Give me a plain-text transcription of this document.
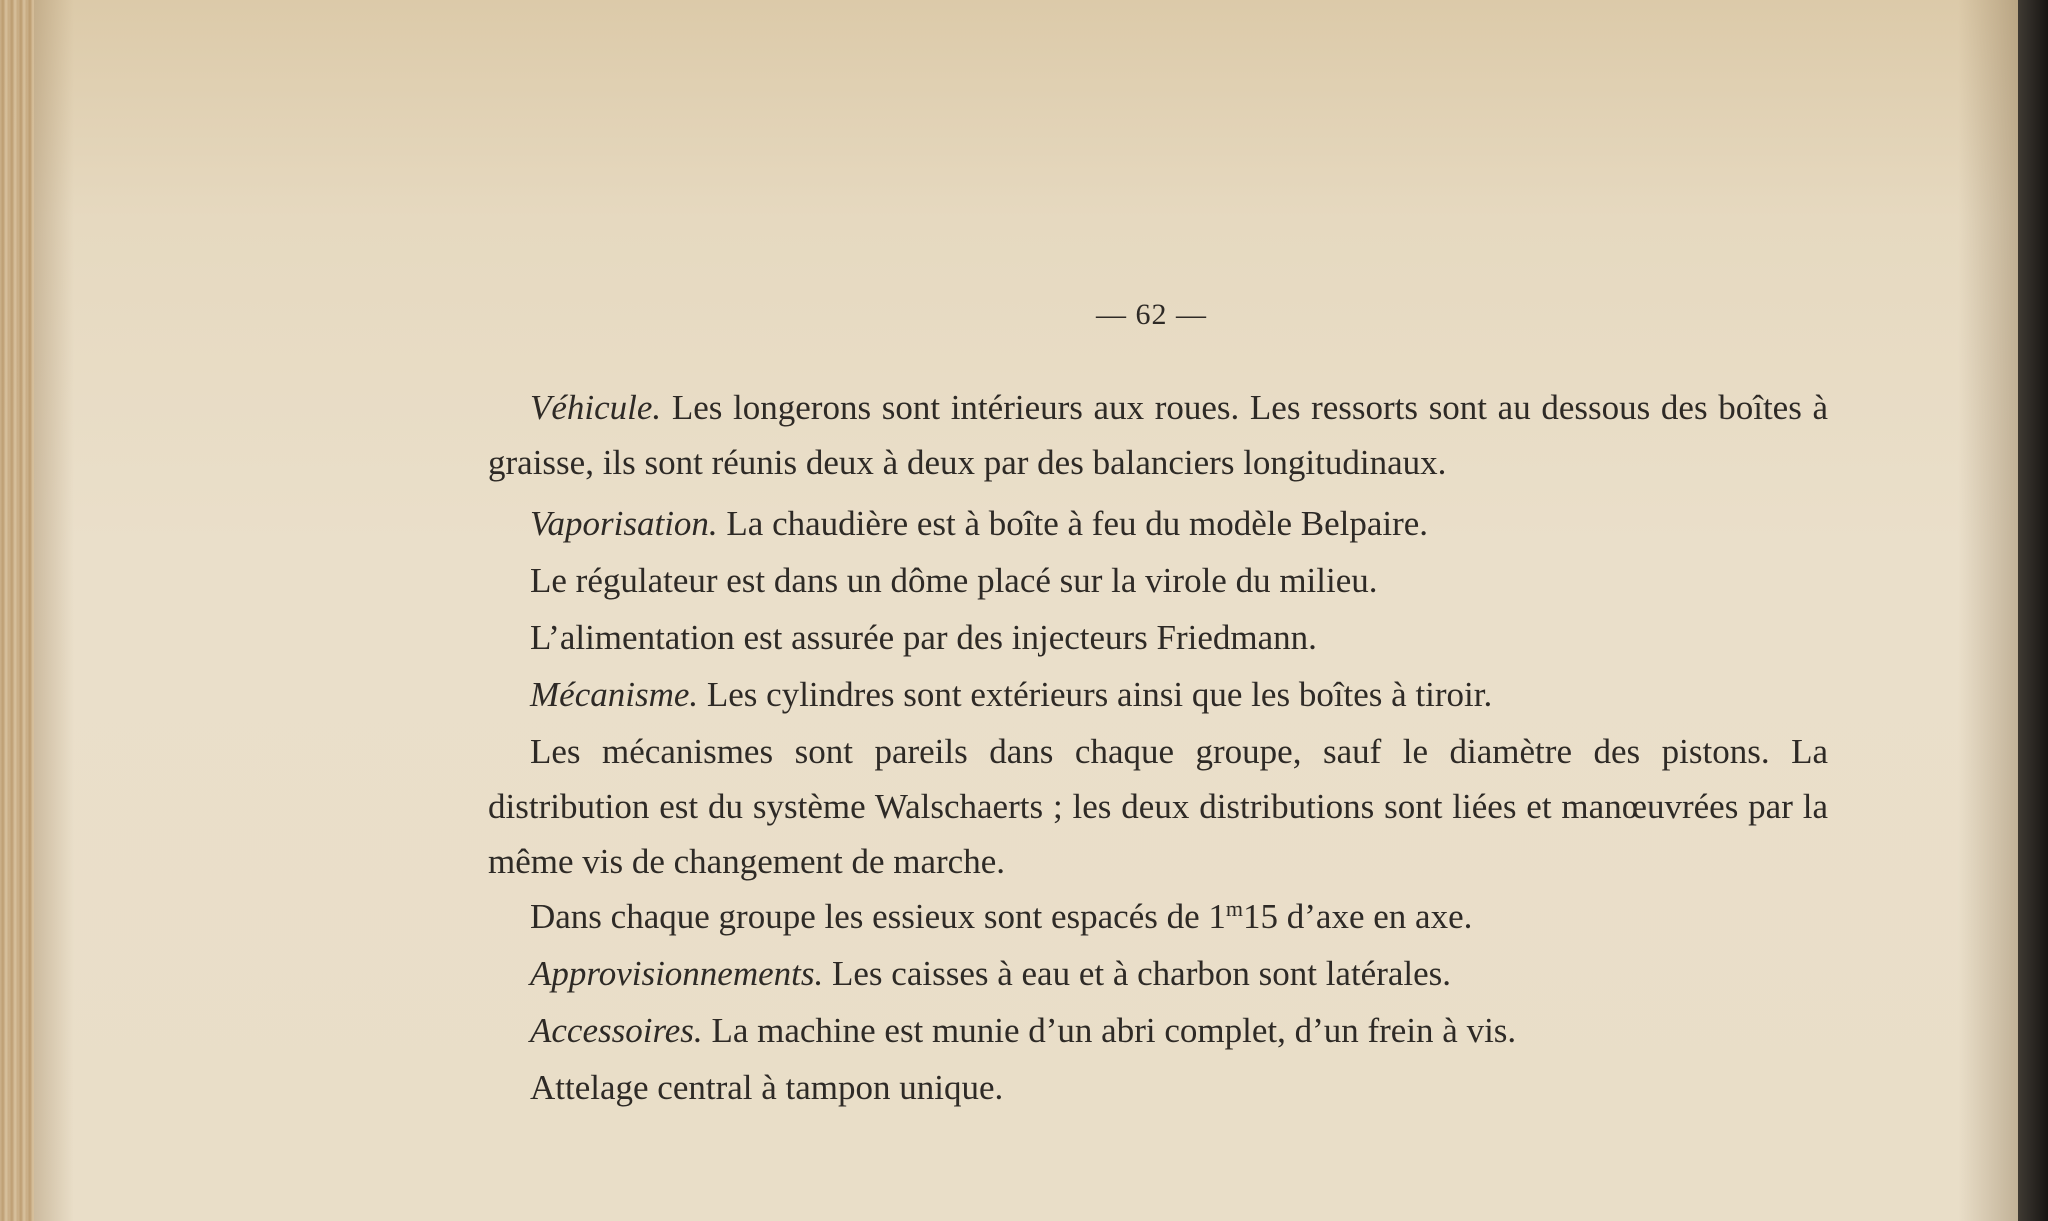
— 62 —

Véhicule. Les longerons sont intérieurs aux roues. Les ressorts sont au dessous des boîtes à graisse, ils sont réunis deux à deux par des balanciers longitudinaux.

Vaporisation. La chaudière est à boîte à feu du modèle Belpaire.

Le régulateur est dans un dôme placé sur la virole du milieu.

L’alimentation est assurée par des injecteurs Friedmann.

Mécanisme. Les cylindres sont extérieurs ainsi que les boîtes à tiroir.

Les mécanismes sont pareils dans chaque groupe, sauf le diamètre des pistons. La distribution est du système Walschaerts ; les deux distributions sont liées et manœuvrées par la même vis de changement de marche.

Dans chaque groupe les essieux sont espacés de 1$^m$15 d’axe en axe.

Approvisionnements. Les caisses à eau et à charbon sont latérales.

Accessoires. La machine est munie d’un abri complet, d’un frein à vis.

Attelage central à tampon unique.
